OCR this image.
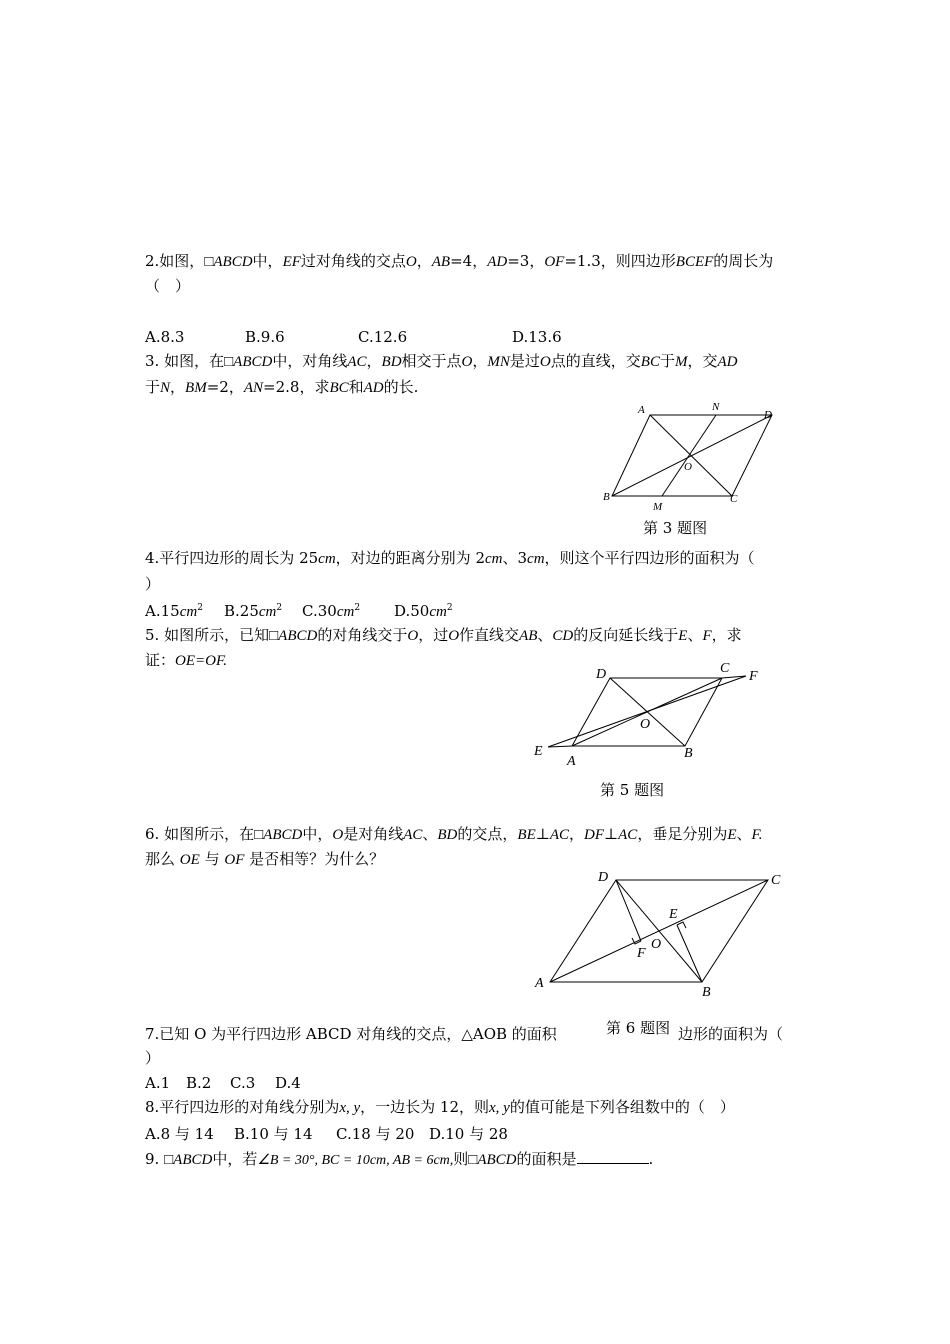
2.如图，□ABCD中，EF过对角线的交点O，AB=4，AD=3，OF=1.3，则四边形BCEF的周长为
（　）
A.8.3	B.9.6	C.12.6	D.13.6
3. 如图，在□ABCD中，对角线AC，BD相交于点O，MN是过O点的直线，交BC于M，交AD
于N，BM=2，AN=2.8，求BC和AD的长.
A	N
D
O
B
M
C
第 3 题图
4.平行四边形的周长为 25cm，对边的距离分别为 2cm、3cm，则这个平行四边形的面积为（
）
$A.15cm^2$ $B.25cm^2$ $C.30cm^2$ $D.50cm^2$
5. 如图所示，已知□ABCD的对角线交于O，过O作直线交AB、CD的反向延长线于E、F，求
证：OE=OF.
D	C
F
O
E
A
B
第 5 题图
6. 如图所示，在□ABCD中，O是对角线AC、BD的交点，BE⊥AC，DF⊥AC，垂足分别为E、F.
那么 OE 与 OF 是否相等？为什么？
D	C
E
O
F
A
B
7.已知 O 为平行四边形 ABCD 对角线的交点，△AOB 的面积	第 6 题图 边形的面积为（
）
A.1 B.2 C.3 D.4
8.平行四边形的对角线分别为x, y，一边长为 12，则x, y的值可能是下列各组数中的（　）
A.8 与 14 B.10 与 14 C.18 与 20 D.10 与 28
9. □ABCD中，若∠B = 30°, BC = 10cm, AB = 6cm,则□ABCD的面积是	.
